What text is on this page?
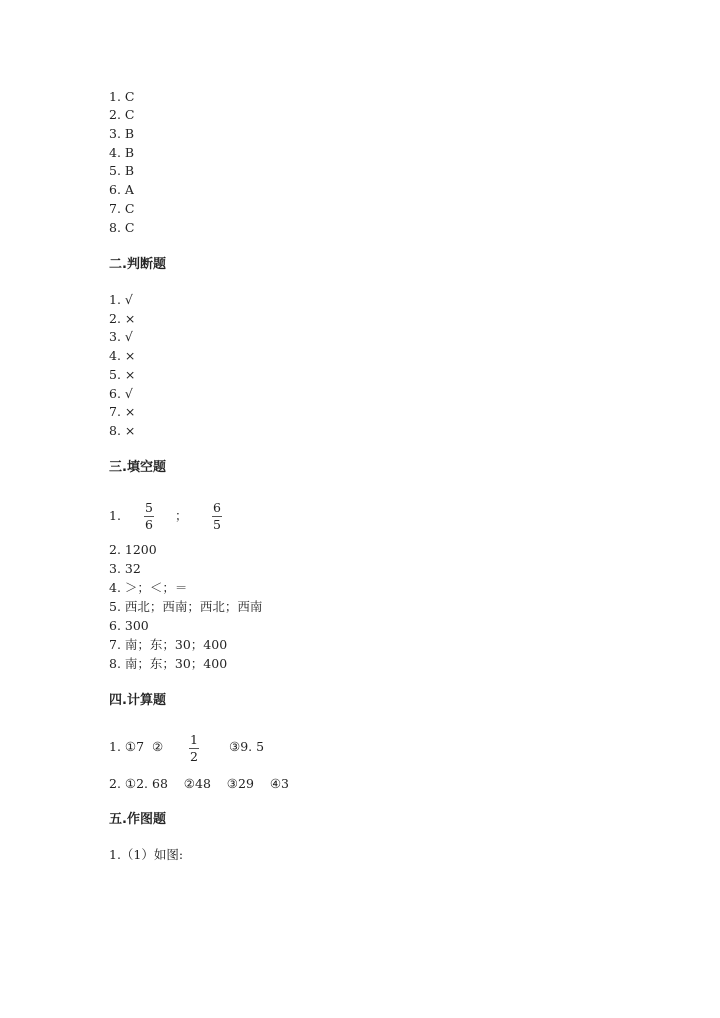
1. C
2. C
3. B
4. B
5. B
6. A
7. C
8. C
二.判断题
1. √
2. ×
3. √
4. ×
5. ×
6. √
7. ×
8. ×
三.填空题
1.
5
6
；
6
5
2. 1200
3. 32
4. ＞；＜；＝
5. 西北；西南；西北；西南
6. 300
7. 南；东；30；400
8. 南；东；30；400
四.计算题
1. ①7  ② 1
2
③9. 5
2. ①2. 68    ②48    ③29    ④3
五.作图题
1.（1）如图:
